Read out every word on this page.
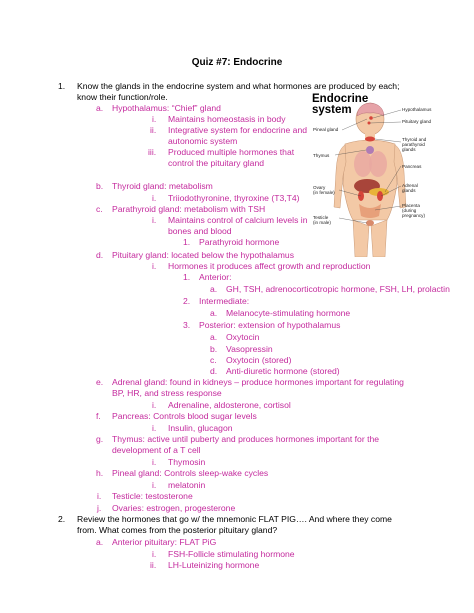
Quiz #7: Endocrine
1. Know the glands in the endocrine system and what hormones are produced by each;
know their function/role.
a. Hypothalamus: “Chief” gland
i. Maintains homeostasis in body
ii. Integrative system for endocrine and
autonomic system
iii. Produced multiple hormones that
control the pituitary gland
b. Thyroid gland: metabolism
i. Triiodothyronine, thyroxine (T3,T4)
c. Parathyroid gland: metabolism with TSH
i. Maintains control of calcium levels in
bones and blood
1. Parathyroid hormone
d. Pituitary gland: located below the hypothalamus
i. Hormones it produces affect growth and reproduction
1. Anterior:
a. GH, TSH, adrenocorticotropic hormone, FSH, LH, prolactin
2. Intermediate:
a. Melanocyte-stimulating hormone
3. Posterior: extension of hypothalamus
a. Oxytocin
b. Vasopressin
c. Oxytocin (stored)
d. Anti-diuretic hormone (stored)
e. Adrenal gland: found in kidneys – produce hormones important for regulating
BP, HR, and stress response
i. Adrenaline, aldosterone, cortisol
f. Pancreas: Controls blood sugar levels
i. Insulin, glucagon
g. Thymus: active until puberty and produces hormones important for the
development of a T cell
i. Thymosin
h. Pineal gland: Controls sleep-wake cycles
i. melatonin
i. Testicle: testosterone
j. Ovaries: estrogen, progesterone
2. Review the hormones that go w/ the mnemonic FLAT PIG…. And where they come
from. What comes from the posterior pituitary gland?
a. Anterior pituitary: FLAT PiG
i. FSH-Follicle stimulating hormone
ii. LH-Luteinizing hormone
Endocrine
system	Hypothalamus
Pituitary gland
Pineal gland
Thyroid and
parathyroid
glands
Thymus
Pancreas
Ovary
(in female)
Adrenal
glands
Placenta
(during
pregnancy)
Testicle
(in male)
